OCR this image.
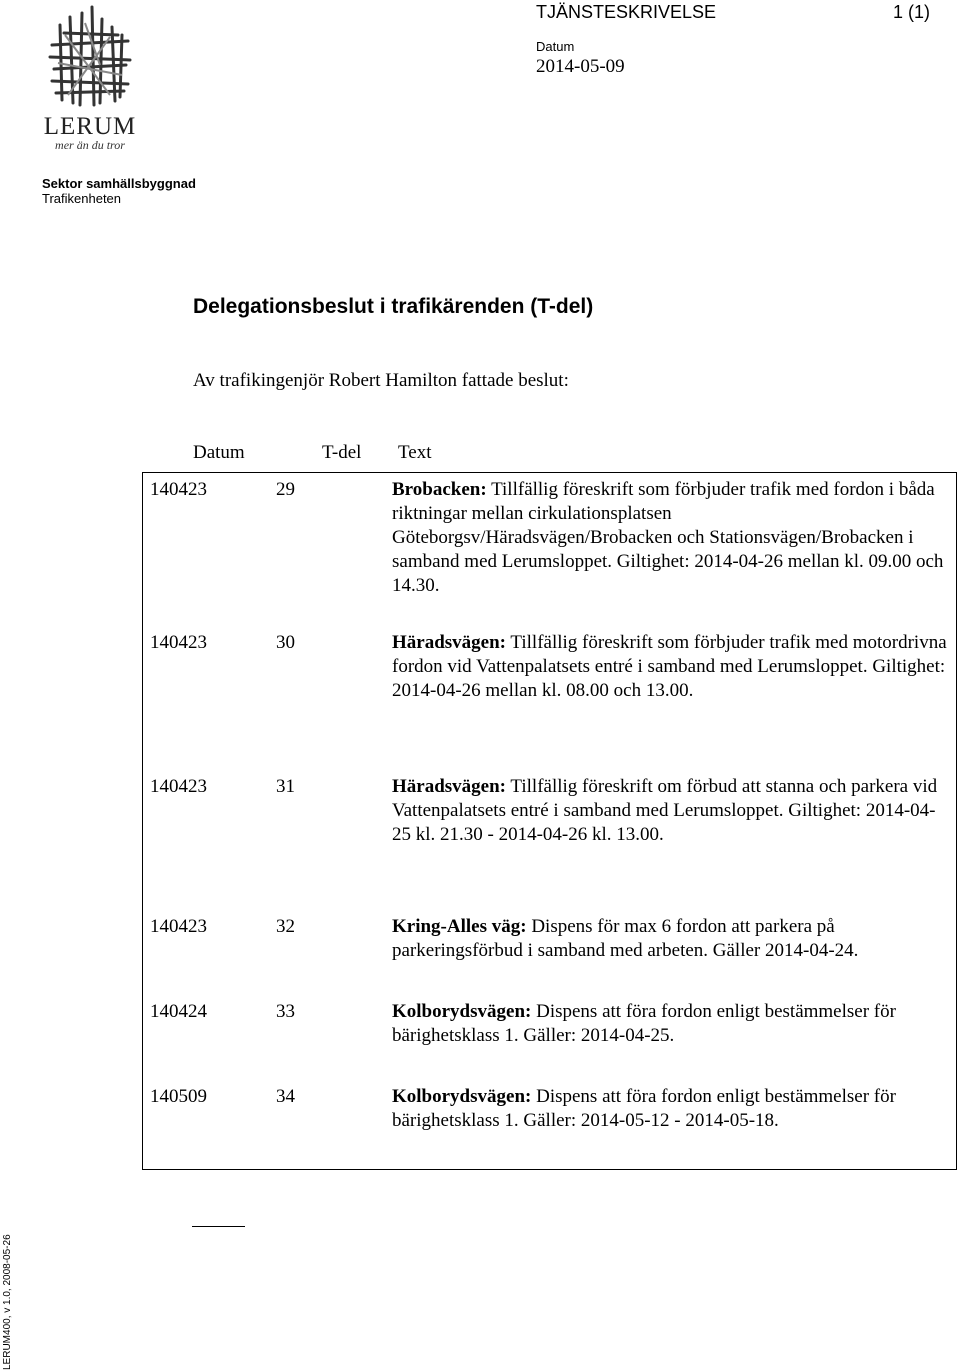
LERUM
mer än du tror
TJÄNSTESKRIVELSE	1 (1)
Datum
2014-05-09
Sektor samhällsbyggnad
Trafikenheten
Delegationsbeslut i trafikärenden (T-del)
Av trafikingenjör Robert Hamilton fattade beslut:
Datum	T-del Text
140423	29	Brobacken: Tillfällig föreskrift som förbjuder trafik med fordon i båda riktningar mellan cirkulationsplatsen Göteborgsv/Häradsvägen/Brobacken och Stationsvägen/Brobacken i samband med Lerumsloppet. Giltighet: 2014-04-26 mellan kl. 09.00 och 14.30.
140423	30	Häradsvägen: Tillfällig föreskrift som förbjuder trafik med motordrivna fordon vid Vattenpalatsets entré i samband med Lerumsloppet. Giltighet: 2014-04-26 mellan kl. 08.00 och 13.00.
140423	31	Häradsvägen: Tillfällig föreskrift om förbud att stanna och parkera vid Vattenpalatsets entré i samband med Lerumsloppet. Giltighet: 2014-04-25 kl. 21.30 - 2014-04-26 kl. 13.00.
140423	32	Kring-Alles väg: Dispens för max 6 fordon att parkera på parkeringsförbud i samband med arbeten. Gäller 2014-04-24.
140424	33	Kolborydsvägen: Dispens att föra fordon enligt bestämmelser för bärighetsklass 1. Gäller: 2014-04-25.
140509	34	Kolborydsvägen: Dispens att föra fordon enligt bestämmelser för bärighetsklass 1. Gäller: 2014-05-12 - 2014-05-18.
LERUM400, v 1.0, 2008-05-26
